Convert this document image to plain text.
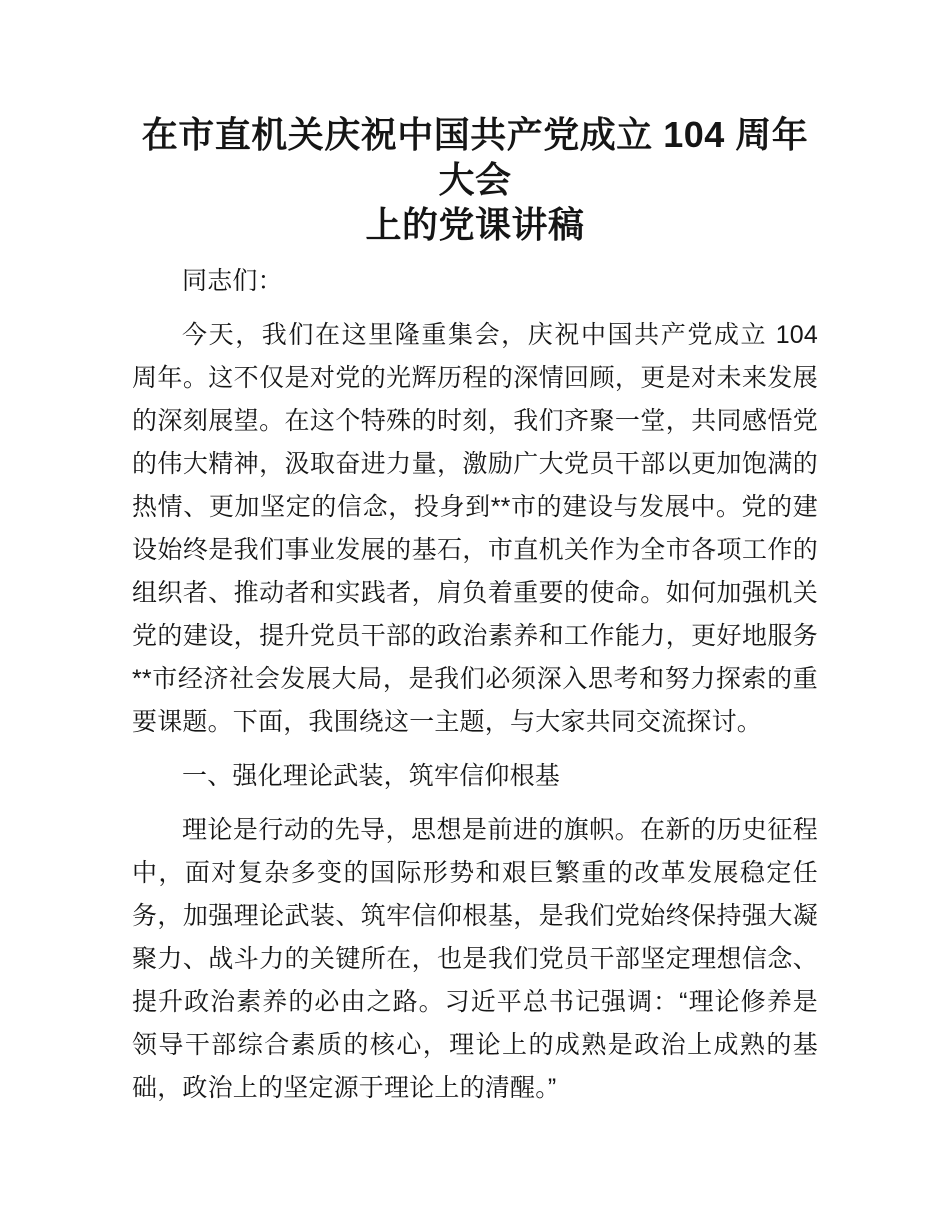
在市直机关庆祝中国共产党成立 104 周年大会
上的党课讲稿

同志们：

今天，我们在这里隆重集会，庆祝中国共产党成立 104 周年。这不仅是对党的光辉历程的深情回顾，更是对未来发展的深刻展望。在这个特殊的时刻，我们齐聚一堂，共同感悟党的伟大精神，汲取奋进力量，激励广大党员干部以更加饱满的热情、更加坚定的信念，投身到**市的建设与发展中。党的建设始终是我们事业发展的基石，市直机关作为全市各项工作的组织者、推动者和实践者，肩负着重要的使命。如何加强机关党的建设，提升党员干部的政治素养和工作能力，更好地服务**市经济社会发展大局，是我们必须深入思考和努力探索的重要课题。下面，我围绕这一主题，与大家共同交流探讨。

一、强化理论武装，筑牢信仰根基

理论是行动的先导，思想是前进的旗帜。在新的历史征程中，面对复杂多变的国际形势和艰巨繁重的改革发展稳定任务，加强理论武装、筑牢信仰根基，是我们党始终保持强大凝聚力、战斗力的关键所在，也是我们党员干部坚定理想信念、提升政治素养的必由之路。习近平总书记强调：“理论修养是领导干部综合素质的核心，理论上的成熟是政治上成熟的基础，政治上的坚定源于理论上的清醒。”
